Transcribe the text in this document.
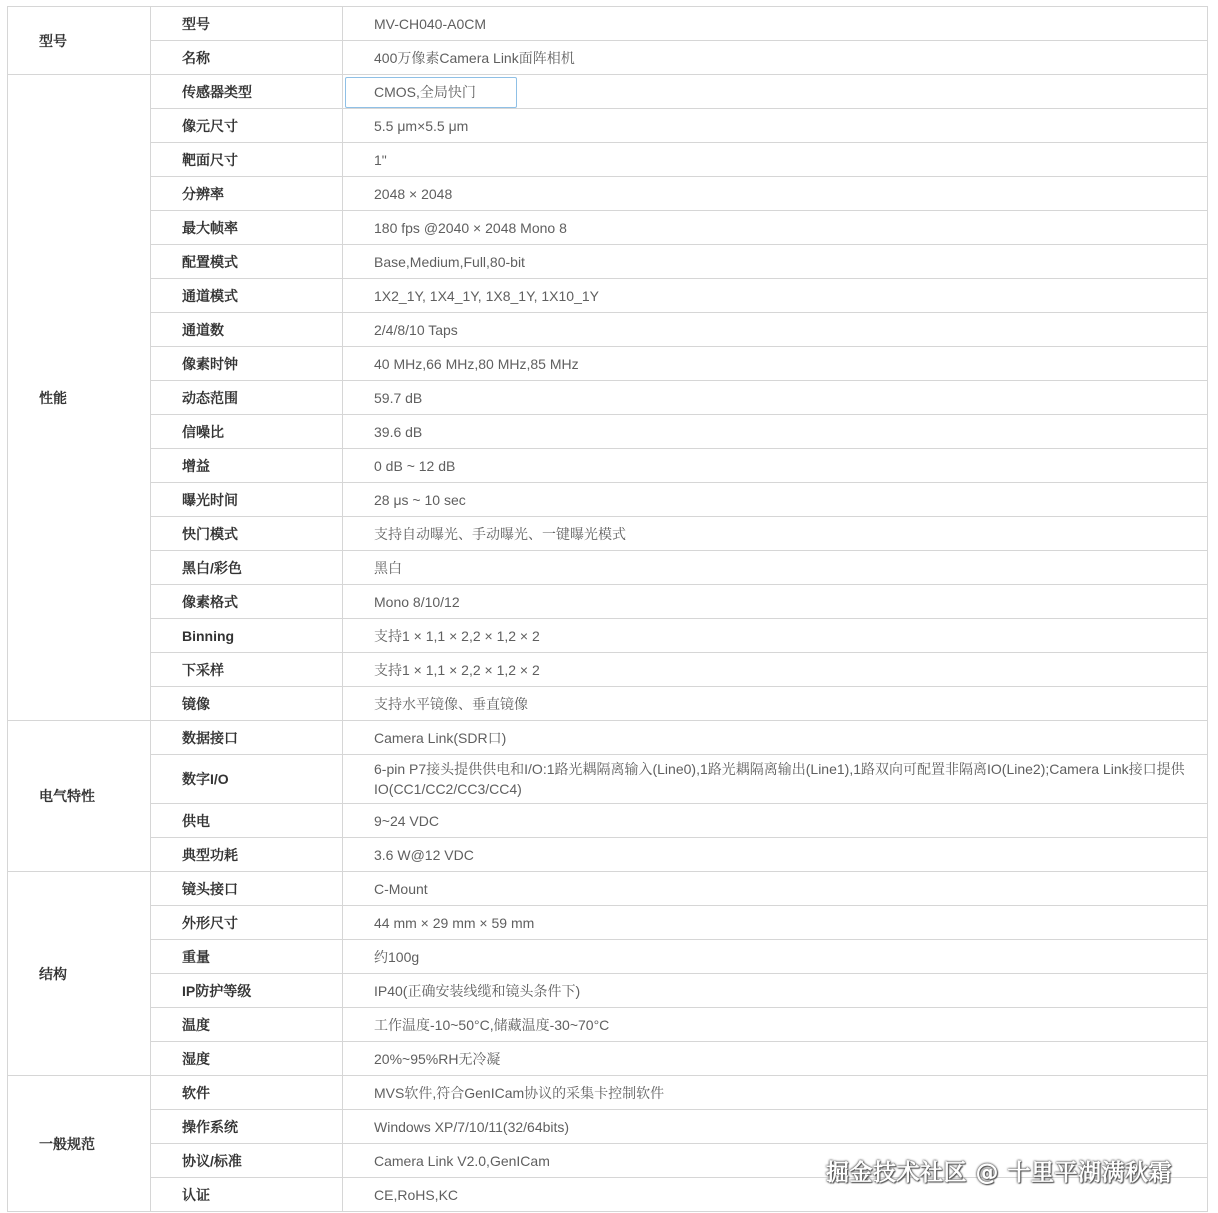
型号	型号	MV-CH040-A0CM
	名称	400万像素Camera Link面阵相机
性能	传感器类型	CMOS,全局快门

	像元尺寸	5.5 μm×5.5 μm
	靶面尺寸	1"
	分辨率	2048 × 2048
	最大帧率	180 fps @2040 × 2048 Mono 8
	配置模式	Base,Medium,Full,80-bit
	通道模式	1X2_1Y, 1X4_1Y, 1X8_1Y, 1X10_1Y
	通道数	2/4/8/10 Taps
	像素时钟	40 MHz,66 MHz,80 MHz,85 MHz
	动态范围	59.7 dB
	信噪比	39.6 dB
	增益	0 dB ~ 12 dB
	曝光时间	28 μs ~ 10 sec
	快门模式	支持自动曝光、手动曝光、一键曝光模式
	黑白/彩色	黑白
	像素格式	Mono 8/10/12
	Binning	支持1 × 1,1 × 2,2 × 1,2 × 2
	下采样	支持1 × 1,1 × 2,2 × 1,2 × 2
	镜像	支持水平镜像、垂直镜像
电气特性	数据接口	Camera Link(SDR口)
	数字I/O	6-pin P7接头提供供电和I/O:1路光耦隔离输入(Line0),1路光耦隔离输出(Line1),1路双向可配置非隔离IO(Line2);Camera Link接口提供IO(CC1/CC2/CC3/CC4)
	供电	9~24 VDC
	典型功耗	3.6 W@12 VDC
结构	镜头接口	C-Mount
	外形尺寸	44 mm × 29 mm × 59 mm
	重量	约100g
	IP防护等级	IP40(正确安装线缆和镜头条件下)
	温度	工作温度-10~50°C,储藏温度-30~70°C
	湿度	20%~95%RH无冷凝
一般规范	软件	MVS软件,符合GenICam协议的采集卡控制软件
	操作系统	Windows XP/7/10/11(32/64bits)
	协议/标准	Camera Link V2.0,GenICam
	认证	CE,RoHS,KC
掘金技术社区 @ 十里平湖满秋霜
